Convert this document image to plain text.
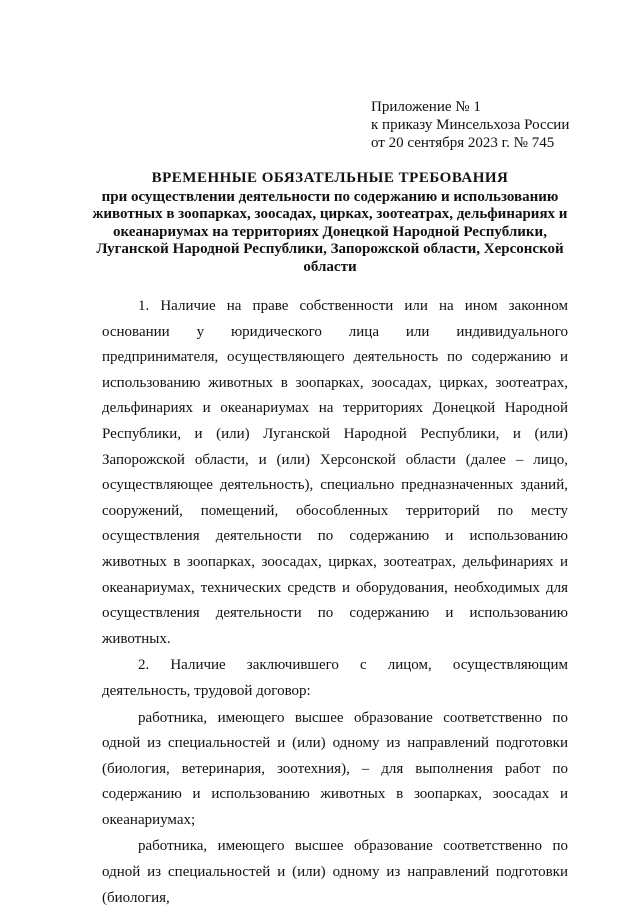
Приложение № 1
к приказу Минсельхоза России
от 20 сентября 2023 г. № 745
ВРЕМЕННЫЕ ОБЯЗАТЕЛЬНЫЕ ТРЕБОВАНИЯ
при осуществлении деятельности по содержанию и использованию животных в зоопарках, зоосадах, цирках, зоотеатрах, дельфинариях и океанариумах на территориях Донецкой Народной Республики, Луганской Народной Республики, Запорожской области, Херсонской области

1. Наличие на праве собственности или на ином законном основании у юридического лица или индивидуального предпринимателя, осуществляющего деятельность по содержанию и использованию животных в зоопарках, зоосадах, цирках, зоотеатрах, дельфинариях и океанариумах на территориях Донецкой Народной Республики, и (или) Луганской Народной Республики, и (или) Запорожской области, и (или) Херсонской области (далее – лицо, осуществляющее деятельность), специально предназначенных зданий, сооружений, помещений, обособленных территорий по месту осуществления деятельности по содержанию и использованию животных в зоопарках, зоосадах, цирках, зоотеатрах, дельфинариях и океанариумах, технических средств и оборудования, необходимых для осуществления деятельности по содержанию и использованию животных.

2. Наличие заключившего с лицом, осуществляющим деятельность, трудовой договор:

работника, имеющего высшее образование соответственно по одной из специальностей и (или) одному из направлений подготовки (биология, ветеринария, зоотехния), – для выполнения работ по содержанию и использованию животных в зоопарках, зоосадах и океанариумах;

работника, имеющего высшее образование соответственно по одной из специальностей и (или) одному из направлений подготовки (биология,
